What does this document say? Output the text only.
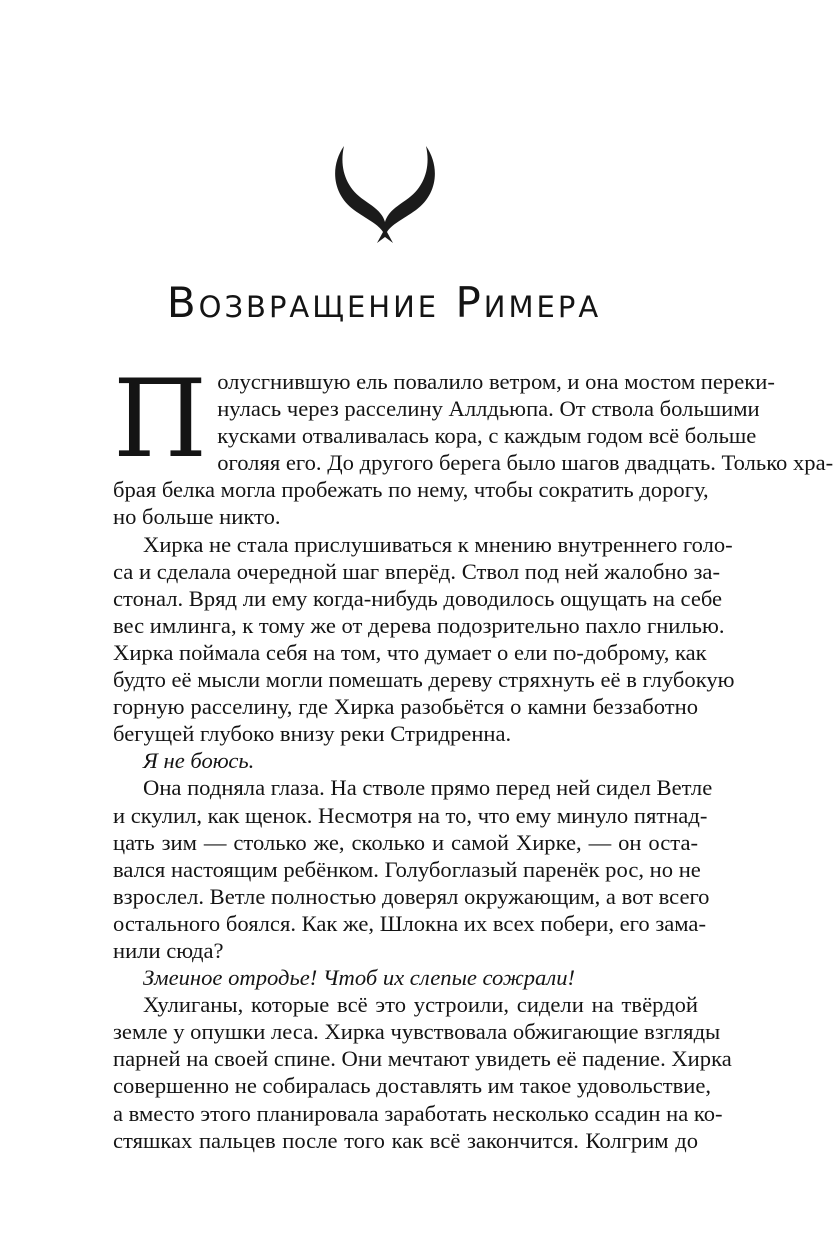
Возвращение Римера
П олусгнившую ель повалило ветром, и она мостом переки-
нулась через расселину Аллдьюпа. От ствола большими
кусками отваливалась кора, с каждым годом всё больше
оголяя его. До другого берега было шагов двадцать. Только хра-
брая белка могла пробежать по нему, чтобы сократить дорогу,
но больше никто.
Хирка не стала прислушиваться к мнению внутреннего голо-
са и сделала очередной шаг вперёд. Ствол под ней жалобно за-
стонал. Вряд ли ему когда-нибудь доводилось ощущать на себе
вес имлинга, к тому же от дерева подозрительно пахло гнилью.
Хирка поймала себя на том, что думает о ели по-доброму, как
будто её мысли могли помешать дереву стряхнуть её в глубокую
горную расселину, где Хирка разобьётся о камни беззаботно
бегущей глубоко внизу реки Стридренна.
Я не боюсь.
Она подняла глаза. На стволе прямо перед ней сидел Ветле
и скулил, как щенок. Несмотря на то, что ему минуло пятнад-
цать зим — столько же, сколько и самой Хирке, — он оста-
вался настоящим ребёнком. Голубоглазый паренёк рос, но не
взрослел. Ветле полностью доверял окружающим, а вот всего
остального боялся. Как же, Шлокна их всех побери, его зама-
нили сюда?
Змеиное отродье! Чтоб их слепые сожрали!
Хулиганы, которые всё это устроили, сидели на твёрдой
земле у опушки леса. Хирка чувствовала обжигающие взгляды
парней на своей спине. Они мечтают увидеть её падение. Хирка
совершенно не собиралась доставлять им такое удовольствие,
а вместо этого планировала заработать несколько ссадин на ко-
стяшках пальцев после того как всё закончится. Колгрим до
